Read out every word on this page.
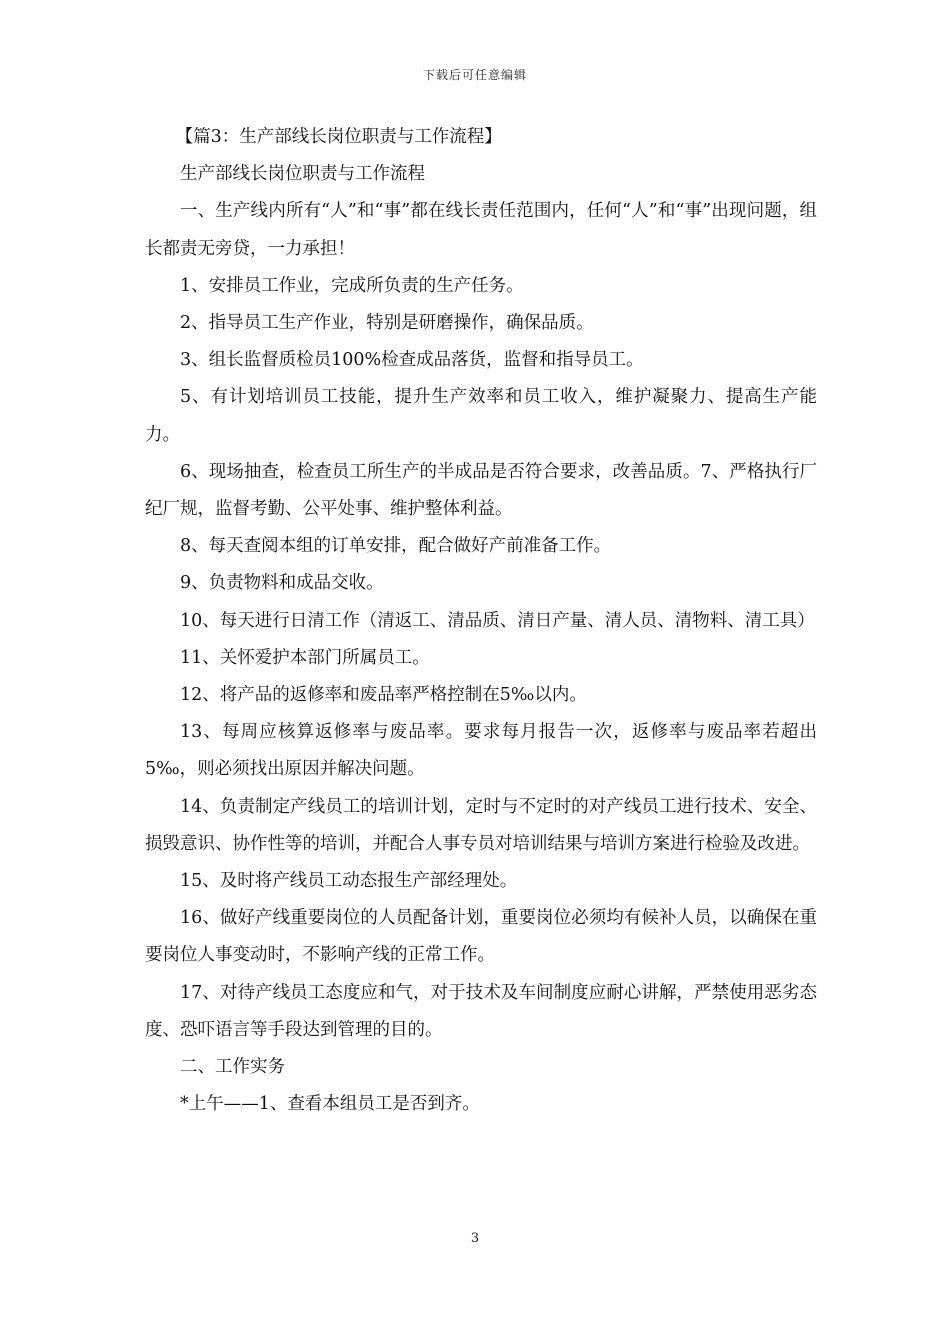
下载后可任意编辑

【篇3：生产部线长岗位职责与工作流程】

生产部线长岗位职责与工作流程

一、生产线内所有“人”和“事”都在线长责任范围内，任何“人”和“事”出现问题，组长都责无旁贷，一力承担！

1、安排员工作业，完成所负责的生产任务。

2、指导员工生产作业，特别是研磨操作，确保品质。

3、组长监督质检员100%检查成品落货，监督和指导员工。

5、有计划培训员工技能，提升生产效率和员工收入，维护凝聚力、提高生产能力。

6、现场抽查，检查员工所生产的半成品是否符合要求，改善品质。7、严格执行厂纪厂规，监督考勤、公平处事、维护整体利益。

8、每天查阅本组的订单安排，配合做好产前准备工作。

9、负责物料和成品交收。

10、每天进行日清工作（清返工、清品质、清日产量、清人员、清物料、清工具）

11、关怀爱护本部门所属员工。

12、将产品的返修率和废品率严格控制在5‰以内。

13、每周应核算返修率与废品率。要求每月报告一次，返修率与废品率若超出5‰，则必须找出原因并解决问题。

14、负责制定产线员工的培训计划，定时与不定时的对产线员工进行技术、安全、损毁意识、协作性等的培训，并配合人事专员对培训结果与培训方案进行检验及改进。

15、及时将产线员工动态报生产部经理处。

16、做好产线重要岗位的人员配备计划，重要岗位必须均有候补人员，以确保在重要岗位人事变动时，不影响产线的正常工作。

17、对待产线员工态度应和气，对于技术及车间制度应耐心讲解，严禁使用恶劣态度、恐吓语言等手段达到管理的目的。

二、工作实务

*上午——1、查看本组员工是否到齐。

3
